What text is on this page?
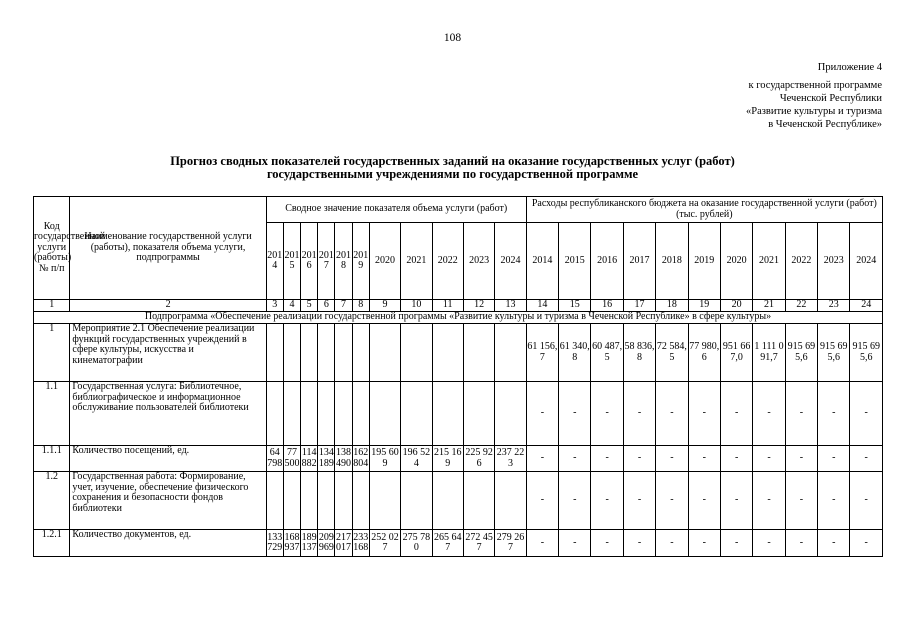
108
Приложение 4
к государственной программе
Чеченской Республики
«Развитие культуры и туризма
в Чеченской Республике»
Прогноз сводных показателей государственных заданий на оказание государственных услуг (работ)
государственными учреждениями по государственной программе
Код государственной услуги (работы) № п/п	Наименование государственной услуги (работы), показателя объема услуги, подпрограммы	Сводное значение показателя объема услуги (работ)											Расходы республиканского бюджета на оказание государственной услуги (работ) (тыс. рублей)										
		2014	2015	2016	2017	2018	2019	2020	2021	2022	2023	2024	2014	2015	2016	2017	2018	2019	2020	2021	2022	2023	2024
1	2	3	4	5	6	7	8	9	10	11	12	13	14	15	16	17	18	19	20	21	22	23	24
Подпрограмма «Обеспечение реализации государственной программы «Развитие культуры и туризма в Чеченской Республике» в сфере культуры»																							
1	Мероприятие 2.1 Обеспечение реализации функций государственных учреждений в сфере культуры, искусства и кинематографии												61 156,7	61 340,8	60 487,5	58 836,8	72 584,5	77 980,6	951 667,0	1 111 091,7	915 695,6	915 695,6	915 695,6
1.1	Государственная услуга: Библиотечное, библиографическое и информационное обслуживание пользователей библиотеки												-	-	-	-	-	-	-	-	-	-	-
1.1.1	Количество посещений, ед.	64 798	77 500	114 882	134 189	138 490	162 804	195 609	196 524	215 169	225 926	237 223	-	-	-	-	-	-	-	-	-	-	-
1.2	Государственная работа: Формирование, учет, изучение, обеспечение физического сохранения и безопасности фондов библиотеки												-	-	-	-	-	-	-	-	-	-	-
1.2.1	Количество документов, ед.	133 729	168 937	189 137	209 969	217 017	233 168	252 027	275 780	265 647	272 457	279 267	-	-	-	-	-	-	-	-	-	-	-
